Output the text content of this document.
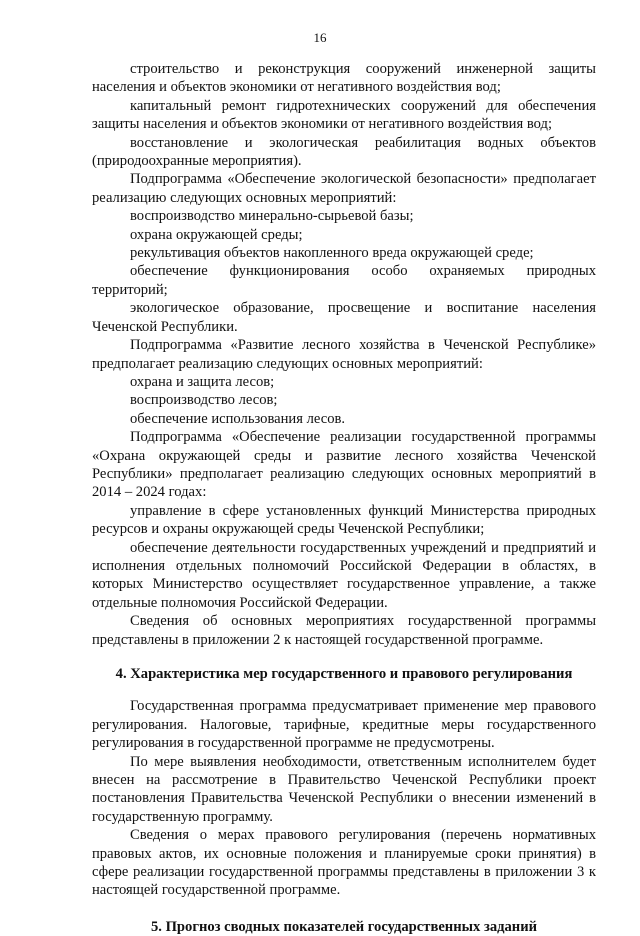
16

строительство и реконструкция сооружений инженерной защиты населения и объектов экономики от негативного воздействия вод;

капитальный ремонт гидротехнических сооружений для обеспечения защиты населения и объектов экономики от негативного воздействия вод;

восстановление и экологическая реабилитация водных объектов (природоохранные мероприятия).

Подпрограмма «Обеспечение экологической безопасности» предполагает реализацию следующих основных мероприятий:

воспроизводство минерально-сырьевой базы;

охрана окружающей среды;

рекультивация объектов накопленного вреда окружающей среде;

обеспечение функционирования особо охраняемых природных территорий;

экологическое образование, просвещение и воспитание населения Чеченской Республики.

Подпрограмма «Развитие лесного хозяйства в Чеченской Республике» предполагает реализацию следующих основных мероприятий:

охрана и защита лесов;

воспроизводство лесов;

обеспечение использования лесов.

Подпрограмма «Обеспечение реализации государственной программы «Охрана окружающей среды и развитие лесного хозяйства Чеченской Республики» предполагает реализацию следующих основных мероприятий в 2014 – 2024 годах:

управление в сфере установленных функций Министерства природных ресурсов и охраны окружающей среды Чеченской Республики;

обеспечение деятельности государственных учреждений и предприятий и исполнения отдельных полномочий Российской Федерации в областях, в которых Министерство осуществляет государственное управление, а также отдельные полномочия Российской Федерации.

Сведения об основных мероприятиях государственной программы представлены в приложении 2 к настоящей государственной программе.

4. Характеристика мер государственного и правового регулирования

Государственная программа предусматривает применение мер правового регулирования. Налоговые, тарифные, кредитные меры государственного регулирования в государственной программе не предусмотрены.

По мере выявления необходимости, ответственным исполнителем будет внесен на рассмотрение в Правительство Чеченской Республики проект постановления Правительства Чеченской Республики о внесении изменений в государственную программу.

Сведения о мерах правового регулирования (перечень нормативных правовых актов, их основные положения и планируемые сроки принятия) в сфере реализации государственной программы представлены в приложении 3 к настоящей государственной программе.

5. Прогноз сводных показателей государственных заданий
